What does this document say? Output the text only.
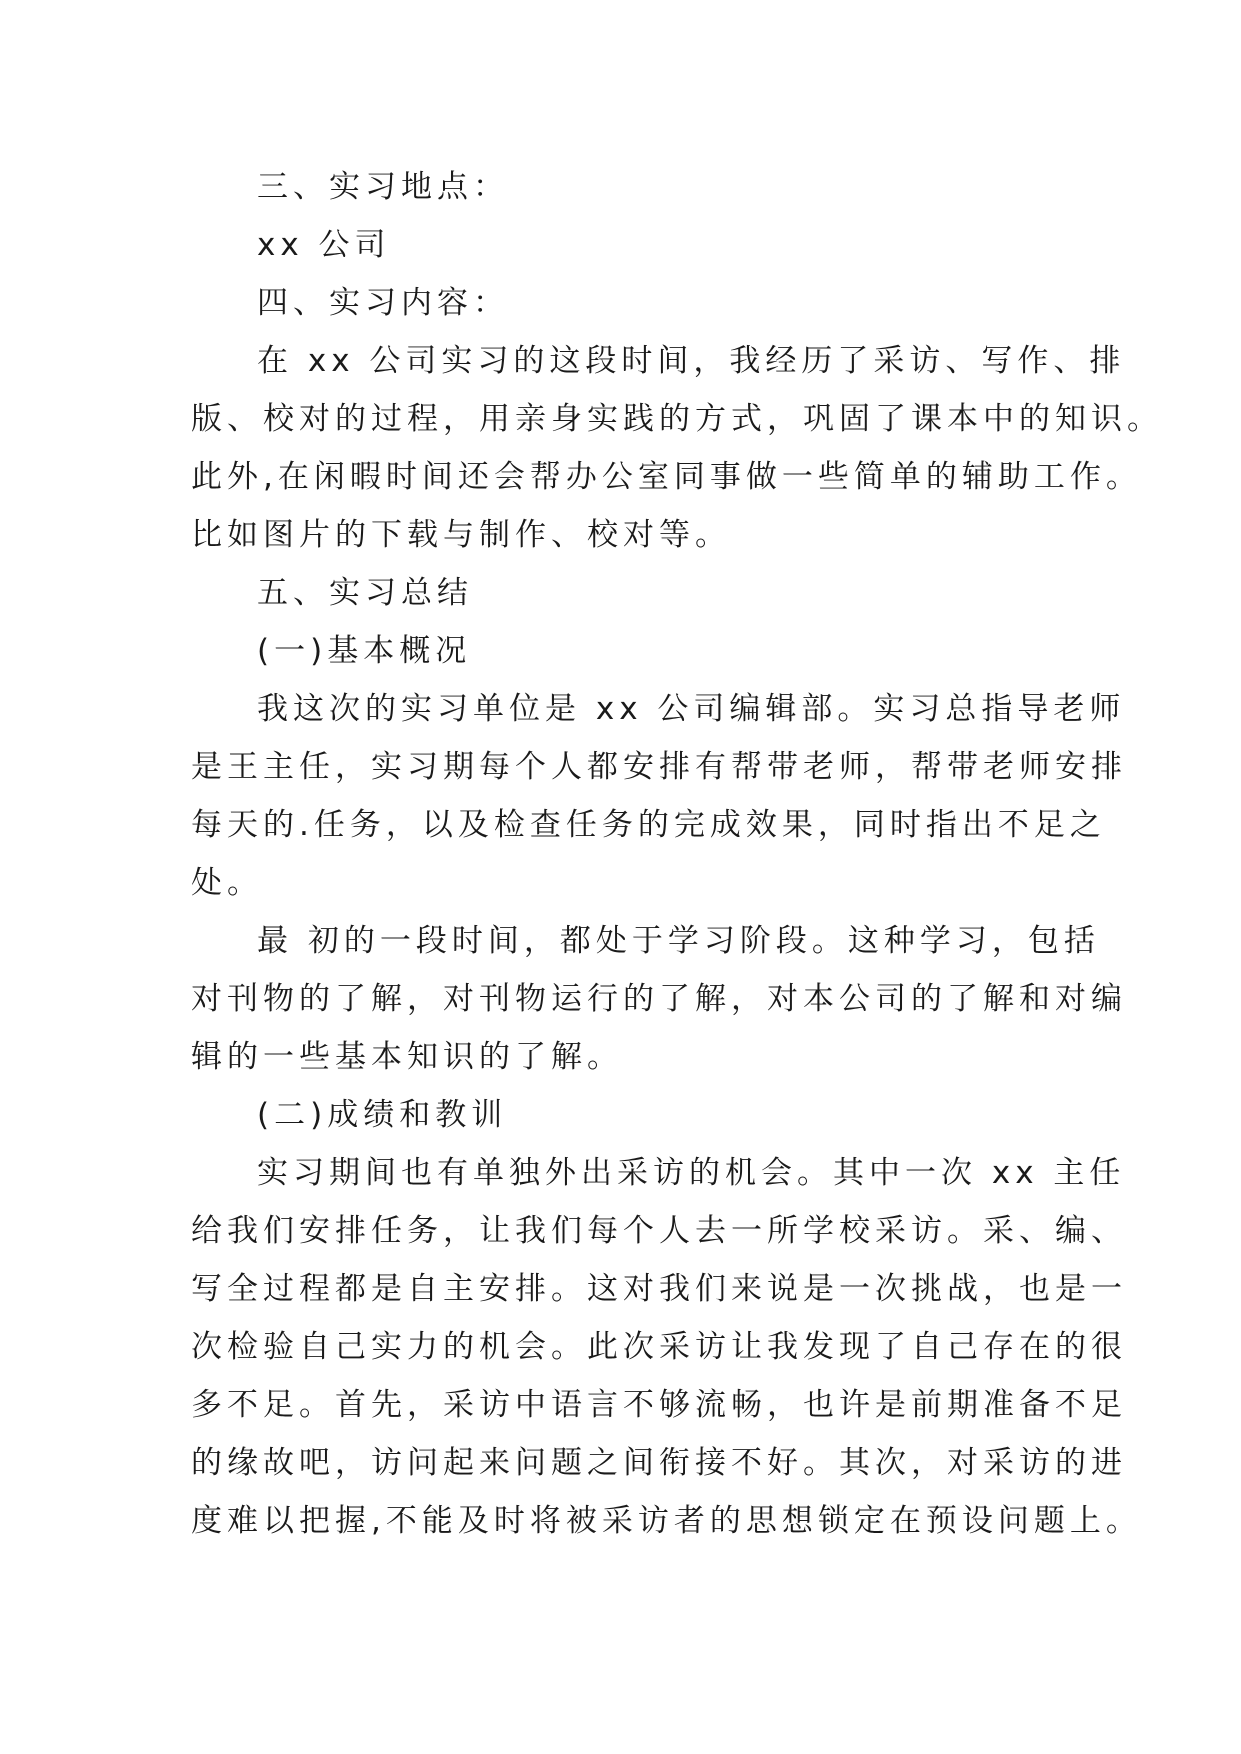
三、实习地点：
xx 公司
四、实习内容：
在 xx 公司实习的这段时间，我经历了采访、写作、排
版、校对的过程，用亲身实践的方式，巩固了课本中的知识。
此外,在闲暇时间还会帮办公室同事做一些简单的辅助工作。
比如图片的下载与制作、校对等。
五、实习总结
(一)基本概况
我这次的实习单位是 xx 公司编辑部。实习总指导老师
是王主任，实习期每个人都安排有帮带老师，帮带老师安排
每天的.任务，以及检查任务的完成效果，同时指出不足之
处。
最 初的一段时间，都处于学习阶段。这种学习，包括
对刊物的了解，对刊物运行的了解，对本公司的了解和对编
辑的一些基本知识的了解。
(二)成绩和教训
实习期间也有单独外出采访的机会。其中一次 xx 主任
给我们安排任务，让我们每个人去一所学校采访。采、编、
写全过程都是自主安排。这对我们来说是一次挑战，也是一
次检验自己实力的机会。此次采访让我发现了自己存在的很
多不足。首先，采访中语言不够流畅，也许是前期准备不足
的缘故吧，访问起来问题之间衔接不好。其次，对采访的进
度难以把握,不能及时将被采访者的思想锁定在预设问题上。
